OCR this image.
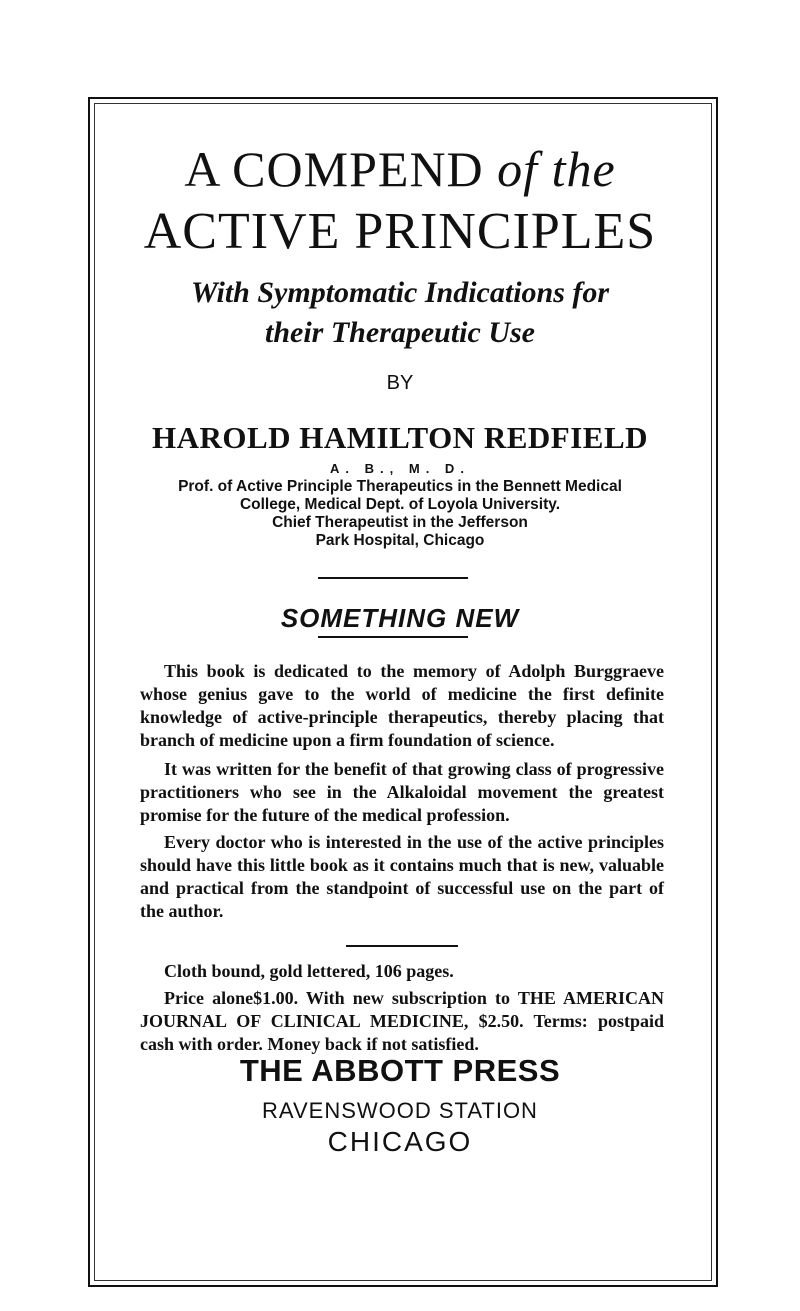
A COMPEND of the
ACTIVE PRINCIPLES
With Symptomatic Indications for
their Therapeutic Use
BY
HAROLD HAMILTON REDFIELD
A. B., M. D.
Prof. of Active Principle Therapeutics in the Bennett Medical
College, Medical Dept. of Loyola University.
Chief Therapeutist in the Jefferson
Park Hospital, Chicago
SOMETHING NEW

This book is dedicated to the memory of Adolph Burggraeve whose genius gave to the world of medicine the first definite knowledge of active-principle therapeutics, thereby placing that branch of medicine upon a firm foundation of science.

It was written for the benefit of that growing class of progressive practitioners who see in the Alkaloidal movement the greatest promise for the future of the medical profession.

Every doctor who is interested in the use of the active principles should have this little book as it contains much that is new, valuable and practical from the standpoint of successful use on the part of the author.

Cloth bound, gold lettered, 106 pages.

Price alone$1.00. With new subscription to THE AMERICAN JOURNAL OF CLINICAL MEDICINE, $2.50. Terms: postpaid cash with order. Money back if not satisfied.

THE ABBOTT PRESS
RAVENSWOOD STATION
CHICAGO
